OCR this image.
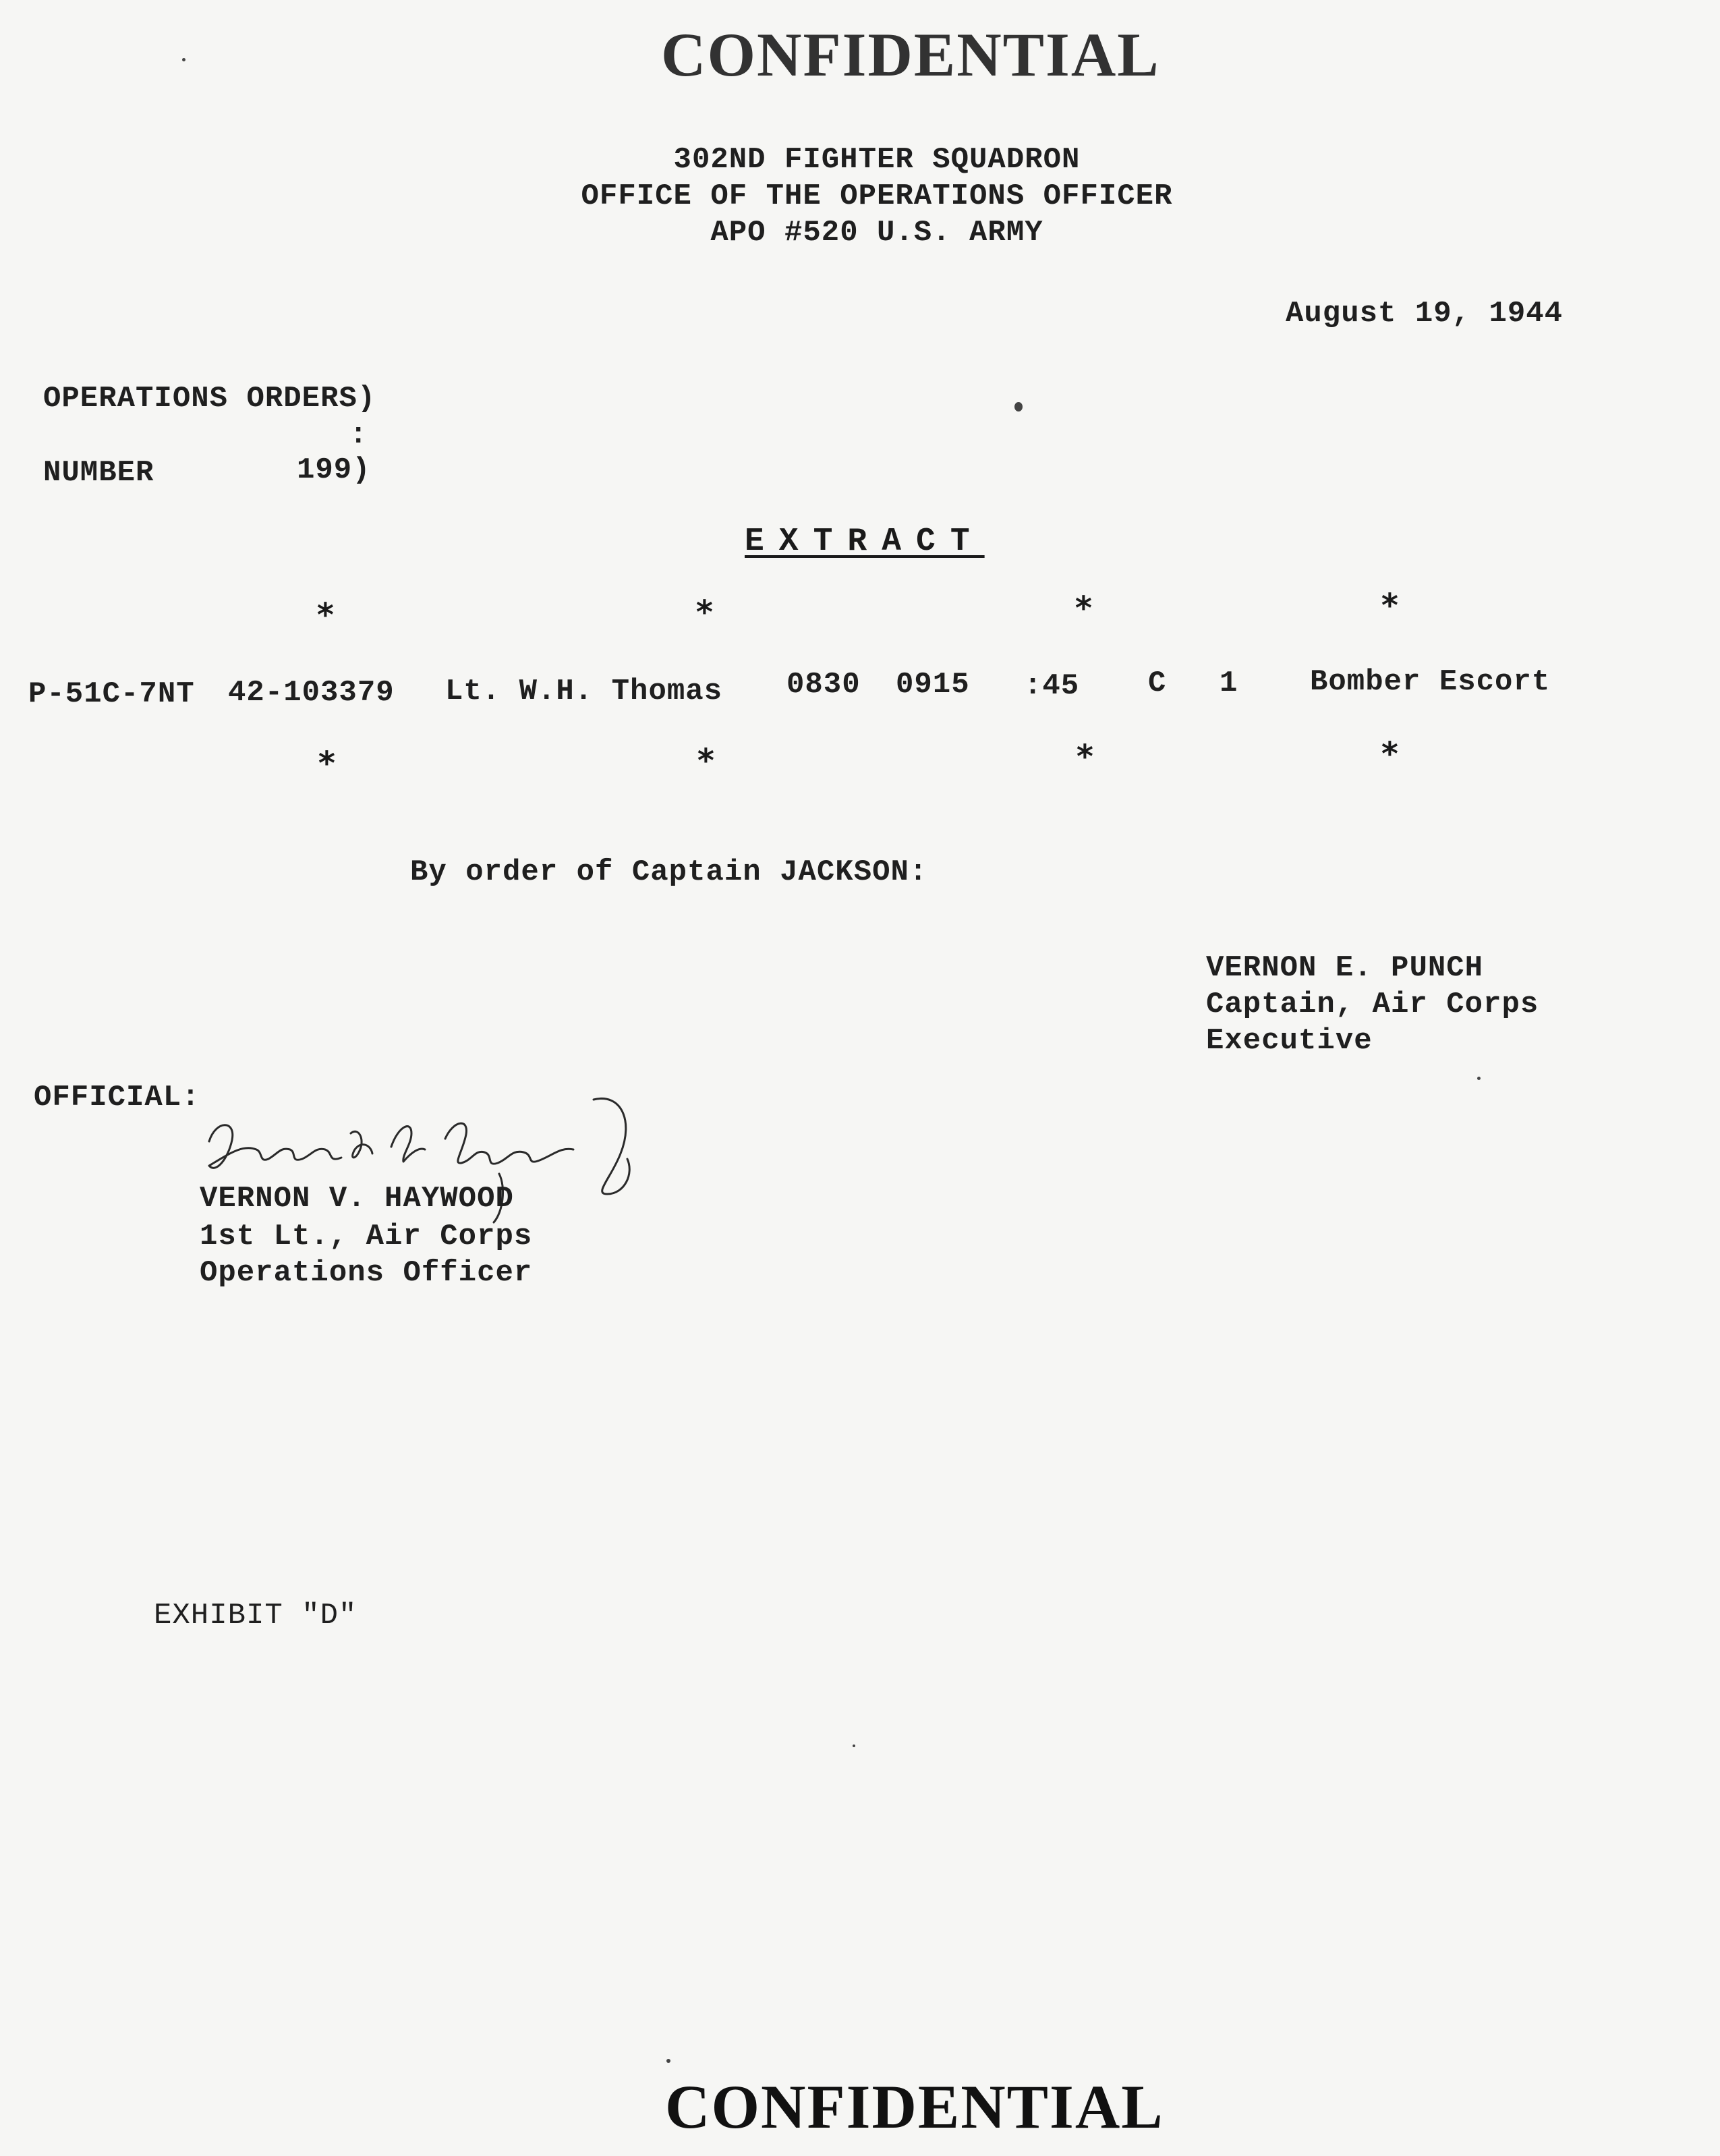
CONFIDENTIAL
302ND FIGHTER SQUADRON
OFFICE OF THE OPERATIONS OFFICER
APO #520 U.S. ARMY
August 19, 1944
OPERATIONS ORDERS)
:
NUMBER	199)
EXTRACT
*	*	*	*
P-51C-7NT 42-103379 Lt. W.H. Thomas 0830 0915 :45 C 1 Bomber Escort
*	*	*	*
By order of Captain JACKSON:
VERNON E. PUNCH
Captain, Air Corps
Executive
OFFICIAL:
VERNON V. HAYWOOD
1st Lt., Air Corps
Operations Officer
EXHIBIT "D"
CONFIDENTIAL
